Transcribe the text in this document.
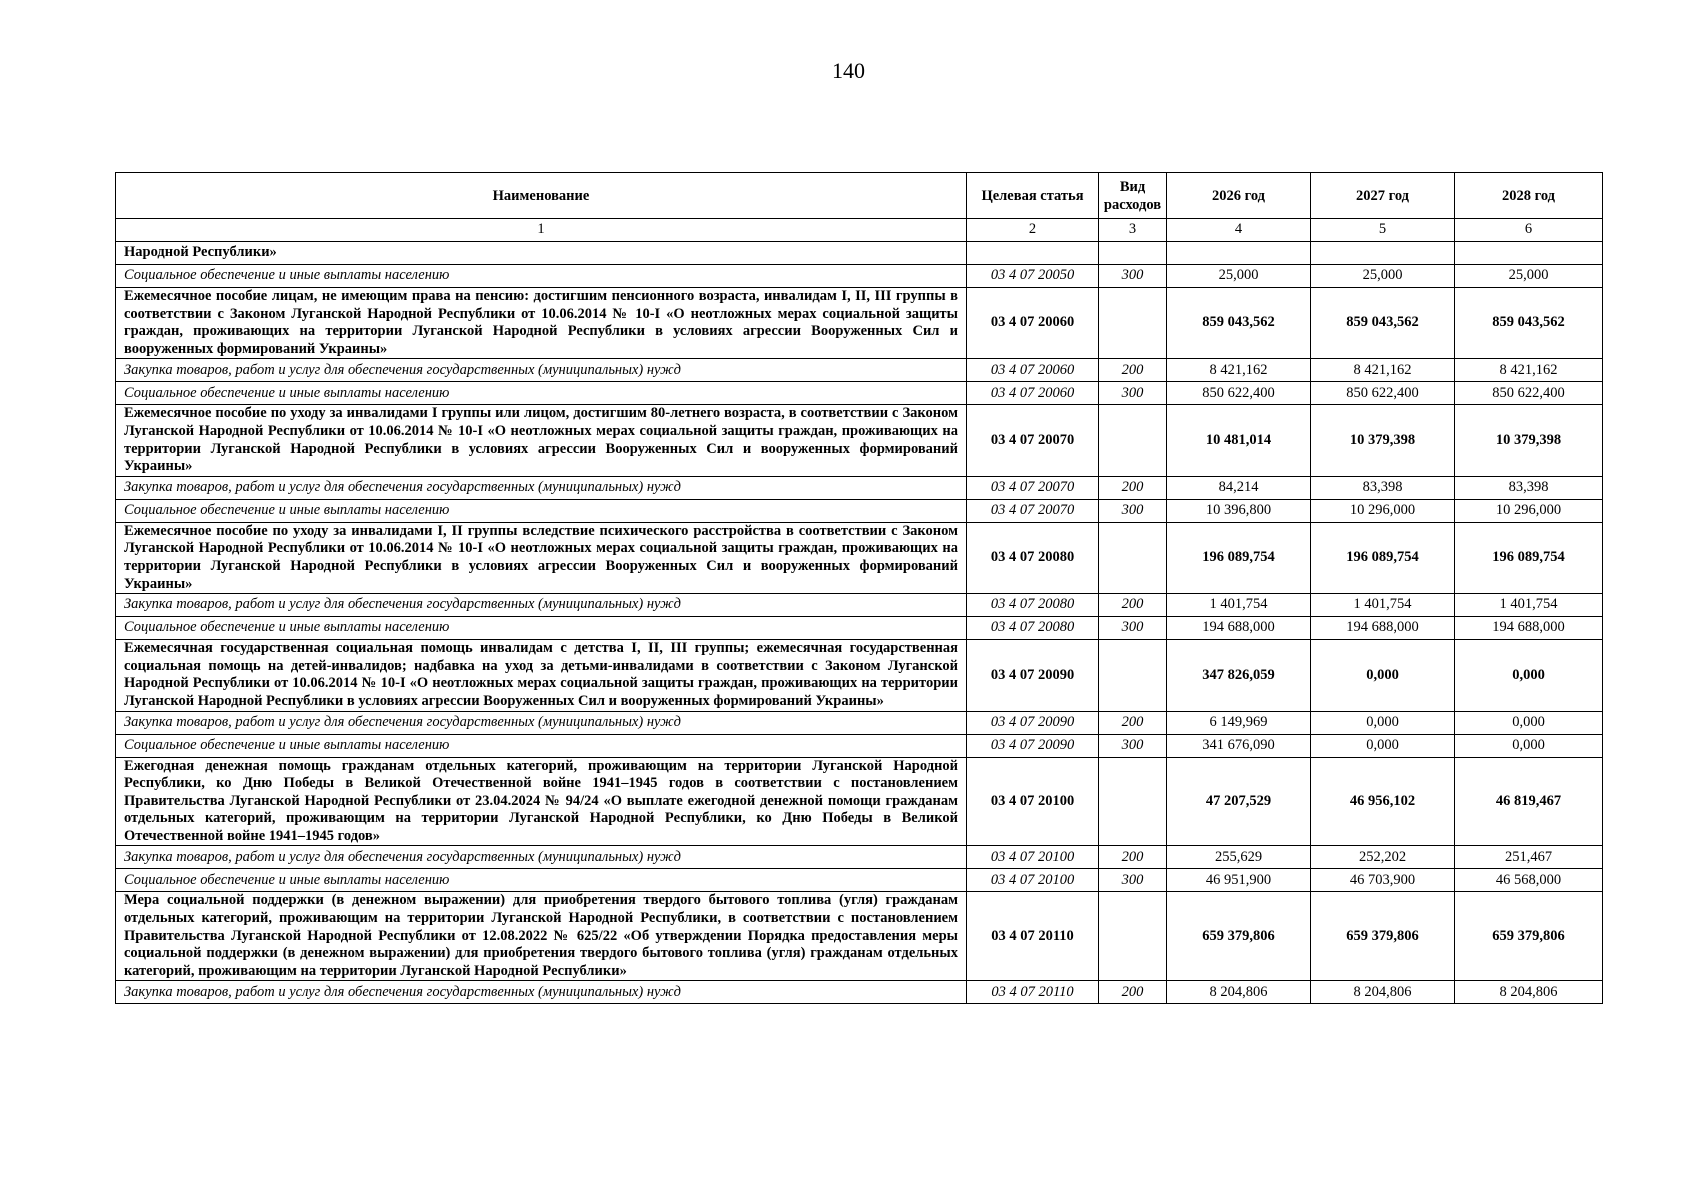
140
Наименование	Целевая статья	Вид расходов	2026 год	2027 год	2028 год
1	2	3	4	5	6
Народной Республики»					
Социальное обеспечение и иные выплаты населению	03 4 07 20050	300	25,000	25,000	25,000
Ежемесячное пособие лицам, не имеющим права на пенсию: достигшим пенсионного возраста, инвалидам I, II, III группы в соответствии с Законом Луганской Народной Республики от 10.06.2014 № 10-I «О неотложных мерах социальной защиты граждан, проживающих на территории Луганской Народной Республики в условиях агрессии Вооруженных Сил и вооруженных формирований Украины»	03 4 07 20060		859 043,562	859 043,562	859 043,562
Закупка товаров, работ и услуг для обеспечения государственных (муниципальных) нужд	03 4 07 20060	200	8 421,162	8 421,162	8 421,162
Социальное обеспечение и иные выплаты населению	03 4 07 20060	300	850 622,400	850 622,400	850 622,400
Ежемесячное пособие по уходу за инвалидами I группы или лицом, достигшим 80-летнего возраста, в соответствии с Законом Луганской Народной Республики от 10.06.2014 № 10-I «О неотложных мерах социальной защиты граждан, проживающих на территории Луганской Народной Республики в условиях агрессии Вооруженных Сил и вооруженных формирований Украины»	03 4 07 20070		10 481,014	10 379,398	10 379,398
Закупка товаров, работ и услуг для обеспечения государственных (муниципальных) нужд	03 4 07 20070	200	84,214	83,398	83,398
Социальное обеспечение и иные выплаты населению	03 4 07 20070	300	10 396,800	10 296,000	10 296,000
Ежемесячное пособие по уходу за инвалидами I, II группы вследствие психического расстройства в соответствии с Законом Луганской Народной Республики от 10.06.2014 № 10-I «О неотложных мерах социальной защиты граждан, проживающих на территории Луганской Народной Республики в условиях агрессии Вооруженных Сил и вооруженных формирований Украины»	03 4 07 20080		196 089,754	196 089,754	196 089,754
Закупка товаров, работ и услуг для обеспечения государственных (муниципальных) нужд	03 4 07 20080	200	1 401,754	1 401,754	1 401,754
Социальное обеспечение и иные выплаты населению	03 4 07 20080	300	194 688,000	194 688,000	194 688,000
Ежемесячная государственная социальная помощь инвалидам с детства I, II, III группы; ежемесячная государственная социальная помощь на детей-инвалидов; надбавка на уход за детьми-инвалидами в соответствии с Законом Луганской Народной Республики от 10.06.2014 № 10-I «О неотложных мерах социальной защиты граждан, проживающих на территории Луганской Народной Республики в условиях агрессии Вооруженных Сил и вооруженных формирований Украины»	03 4 07 20090		347 826,059	0,000	0,000
Закупка товаров, работ и услуг для обеспечения государственных (муниципальных) нужд	03 4 07 20090	200	6 149,969	0,000	0,000
Социальное обеспечение и иные выплаты населению	03 4 07 20090	300	341 676,090	0,000	0,000
Ежегодная денежная помощь гражданам отдельных категорий, проживающим на территории Луганской Народной Республики, ко Дню Победы в Великой Отечественной войне 1941–1945 годов в соответствии с постановлением Правительства Луганской Народной Республики от 23.04.2024 № 94/24 «О выплате ежегодной денежной помощи гражданам отдельных категорий, проживающим на территории Луганской Народной Республики, ко Дню Победы в Великой Отечественной войне 1941–1945 годов»	03 4 07 20100		47 207,529	46 956,102	46 819,467
Закупка товаров, работ и услуг для обеспечения государственных (муниципальных) нужд	03 4 07 20100	200	255,629	252,202	251,467
Социальное обеспечение и иные выплаты населению	03 4 07 20100	300	46 951,900	46 703,900	46 568,000
Мера социальной поддержки (в денежном выражении) для приобретения твердого бытового топлива (угля) гражданам отдельных категорий, проживающим на территории Луганской Народной Республики, в соответствии с постановлением Правительства Луганской Народной Республики от 12.08.2022 № 625/22 «Об утверждении Порядка предоставления меры социальной поддержки (в денежном выражении) для приобретения твердого бытового топлива (угля) гражданам отдельных категорий, проживающим на территории Луганской Народной Республики»	03 4 07 20110		659 379,806	659 379,806	659 379,806
Закупка товаров, работ и услуг для обеспечения государственных (муниципальных) нужд	03 4 07 20110	200	8 204,806	8 204,806	8 204,806
